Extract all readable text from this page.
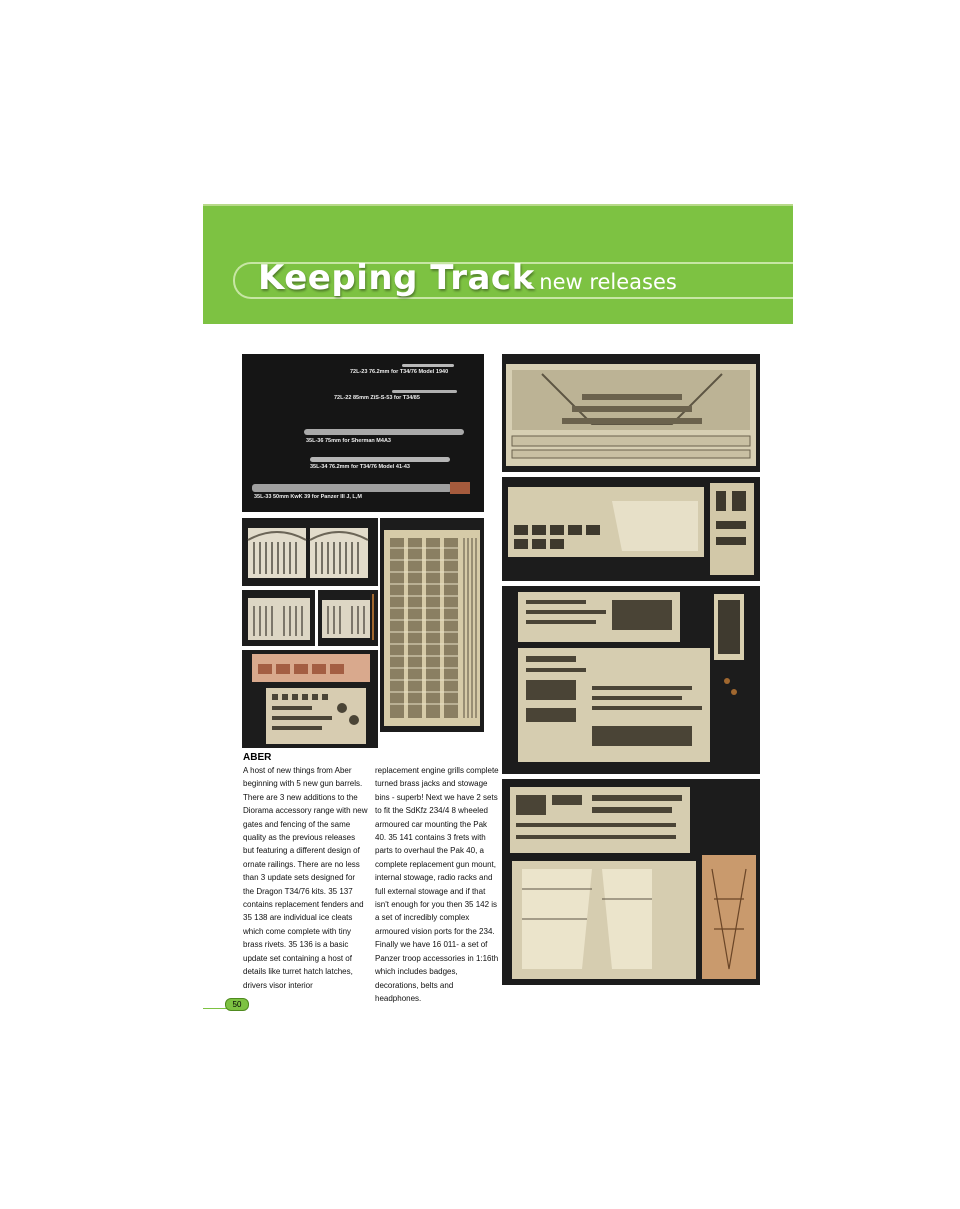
Keeping Track
- new releases
72L-23 76.2mm for T34/76 Model 1940
72L-22 85mm ZiS-S-53 for T34/85
35L-36 75mm for Sherman M4A3
35L-34 76.2mm for T34/76 Model 41-43
35L-33 50mm KwK 39 for Panzer III J, L,M
ABER
A host of new things from Aber beginning with 5 new gun barrels. There are 3 new additions to the Diorama accessory range with new gates and fencing of the same quality as the previous releases but featuring a different design of ornate railings. There are no less than 3 update sets designed for the Dragon T34/76 kits. 35 137 contains replacement fenders and 35 138 are individual ice cleats which come complete with tiny brass rivets. 35 136 is a basic update set containing a host of details like turret hatch latches, drivers visor interior
replacement engine grills complete turned brass jacks and stowage bins - superb! Next we have 2 sets to fit the SdKfz 234/4 8 wheeled armoured car mounting the Pak 40. 35 141 contains 3 frets with parts to overhaul the Pak 40, a complete replacement gun mount, internal stowage, radio racks and full external stowage and if that isn't enough for you then 35 142 is a set of incredibly complex armoured vision ports for the 234. Finally we have 16 011- a set of Panzer troop accessories in 1:16th which includes badges, decorations, belts and headphones.
50
